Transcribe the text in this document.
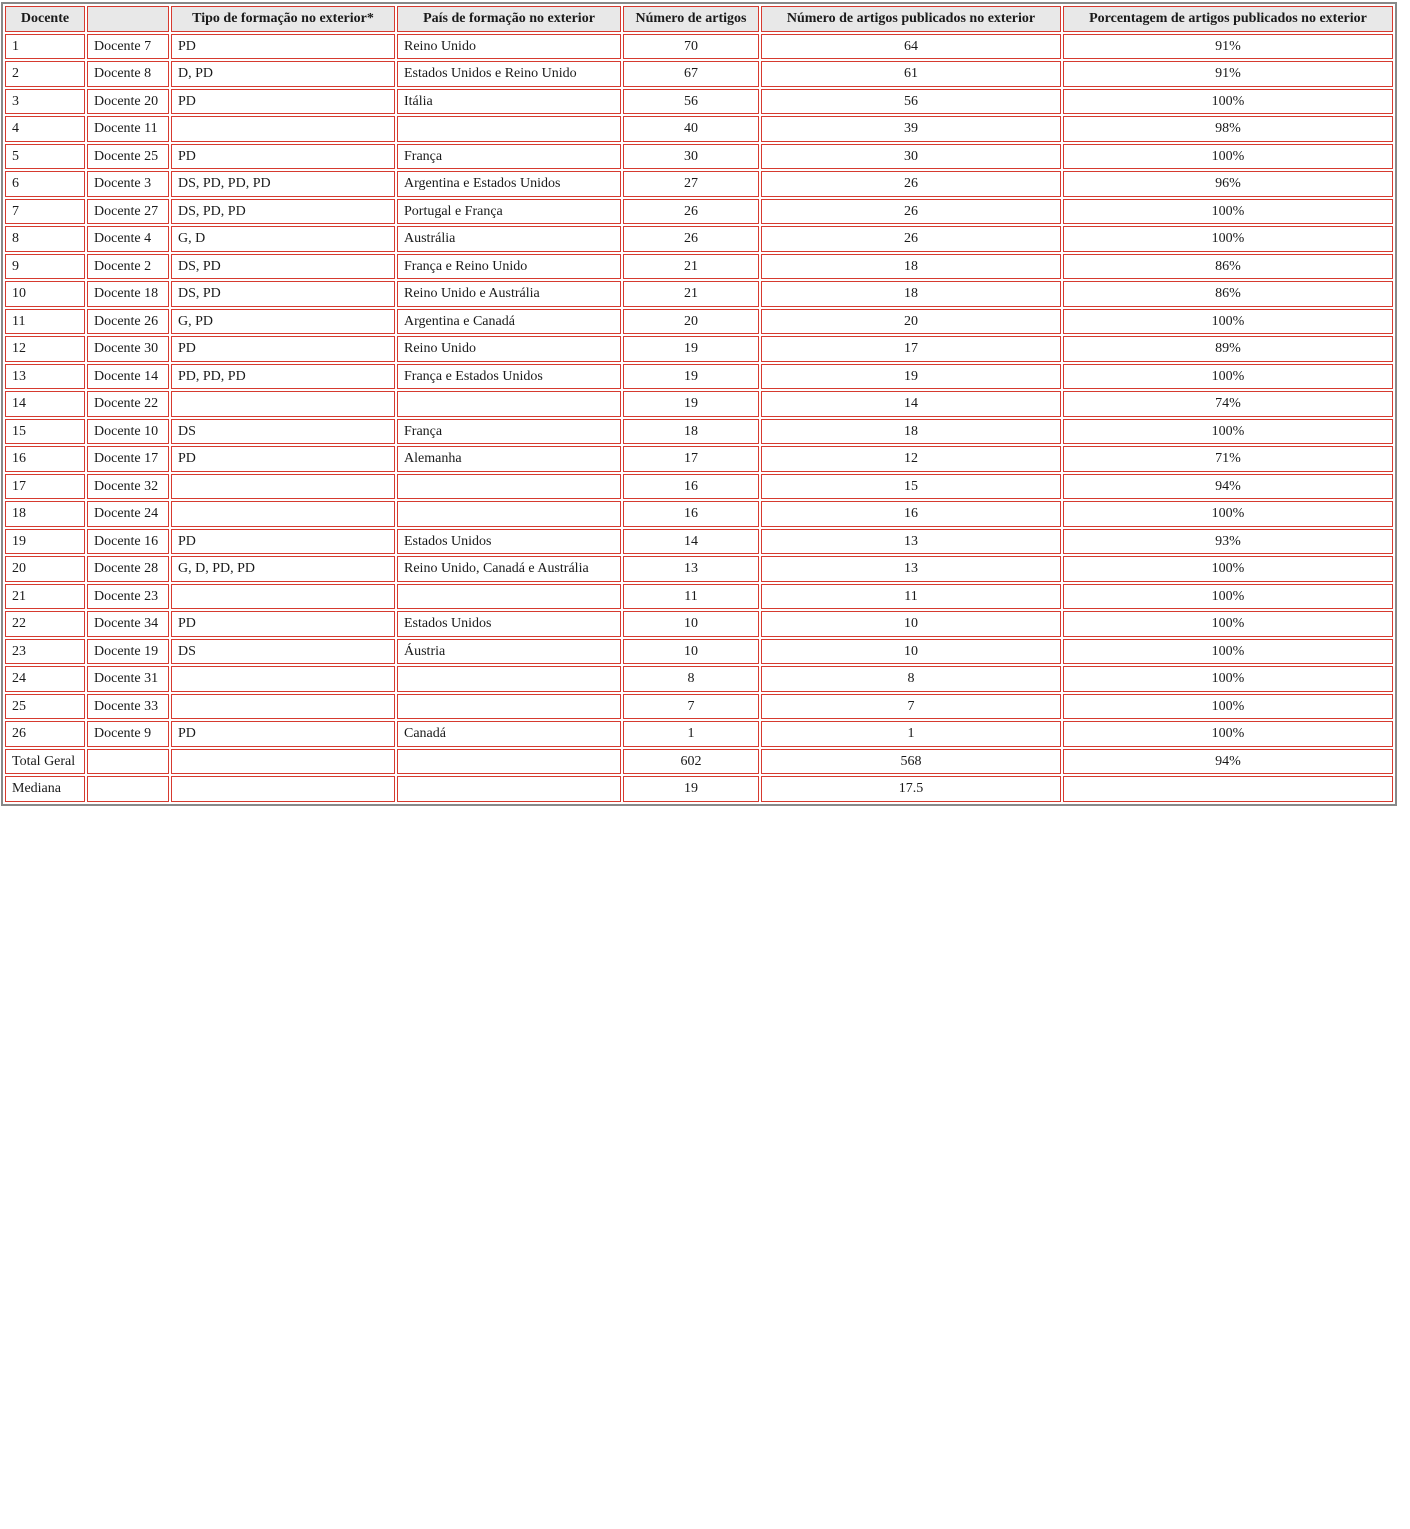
Docente		Tipo de formação no exterior*	País de formação no exterior	Número de artigos	Número de artigos publicados no exterior	Porcentagem de artigos publicados no exterior
1	Docente 7	PD	Reino Unido	70	64	91%
2	Docente 8	D, PD	Estados Unidos e Reino Unido	67	61	91%
3	Docente 20	PD	Itália	56	56	100%
4	Docente 11			40	39	98%
5	Docente 25	PD	França	30	30	100%
6	Docente 3	DS, PD, PD, PD	Argentina e Estados Unidos	27	26	96%
7	Docente 27	DS, PD, PD	Portugal e França	26	26	100%
8	Docente 4	G, D	Austrália	26	26	100%
9	Docente 2	DS, PD	França e Reino Unido	21	18	86%
10	Docente 18	DS, PD	Reino Unido e Austrália	21	18	86%
11	Docente 26	G, PD	Argentina e Canadá	20	20	100%
12	Docente 30	PD	Reino Unido	19	17	89%
13	Docente 14	PD, PD, PD	França e Estados Unidos	19	19	100%
14	Docente 22			19	14	74%
15	Docente 10	DS	França	18	18	100%
16	Docente 17	PD	Alemanha	17	12	71%
17	Docente 32			16	15	94%
18	Docente 24			16	16	100%
19	Docente 16	PD	Estados Unidos	14	13	93%
20	Docente 28	G, D, PD, PD	Reino Unido, Canadá e Austrália	13	13	100%
21	Docente 23			11	11	100%
22	Docente 34	PD	Estados Unidos	10	10	100%
23	Docente 19	DS	Áustria	10	10	100%
24	Docente 31			8	8	100%
25	Docente 33			7	7	100%
26	Docente 9	PD	Canadá	1	1	100%
Total Geral				602	568	94%
Mediana				19	17.5	
